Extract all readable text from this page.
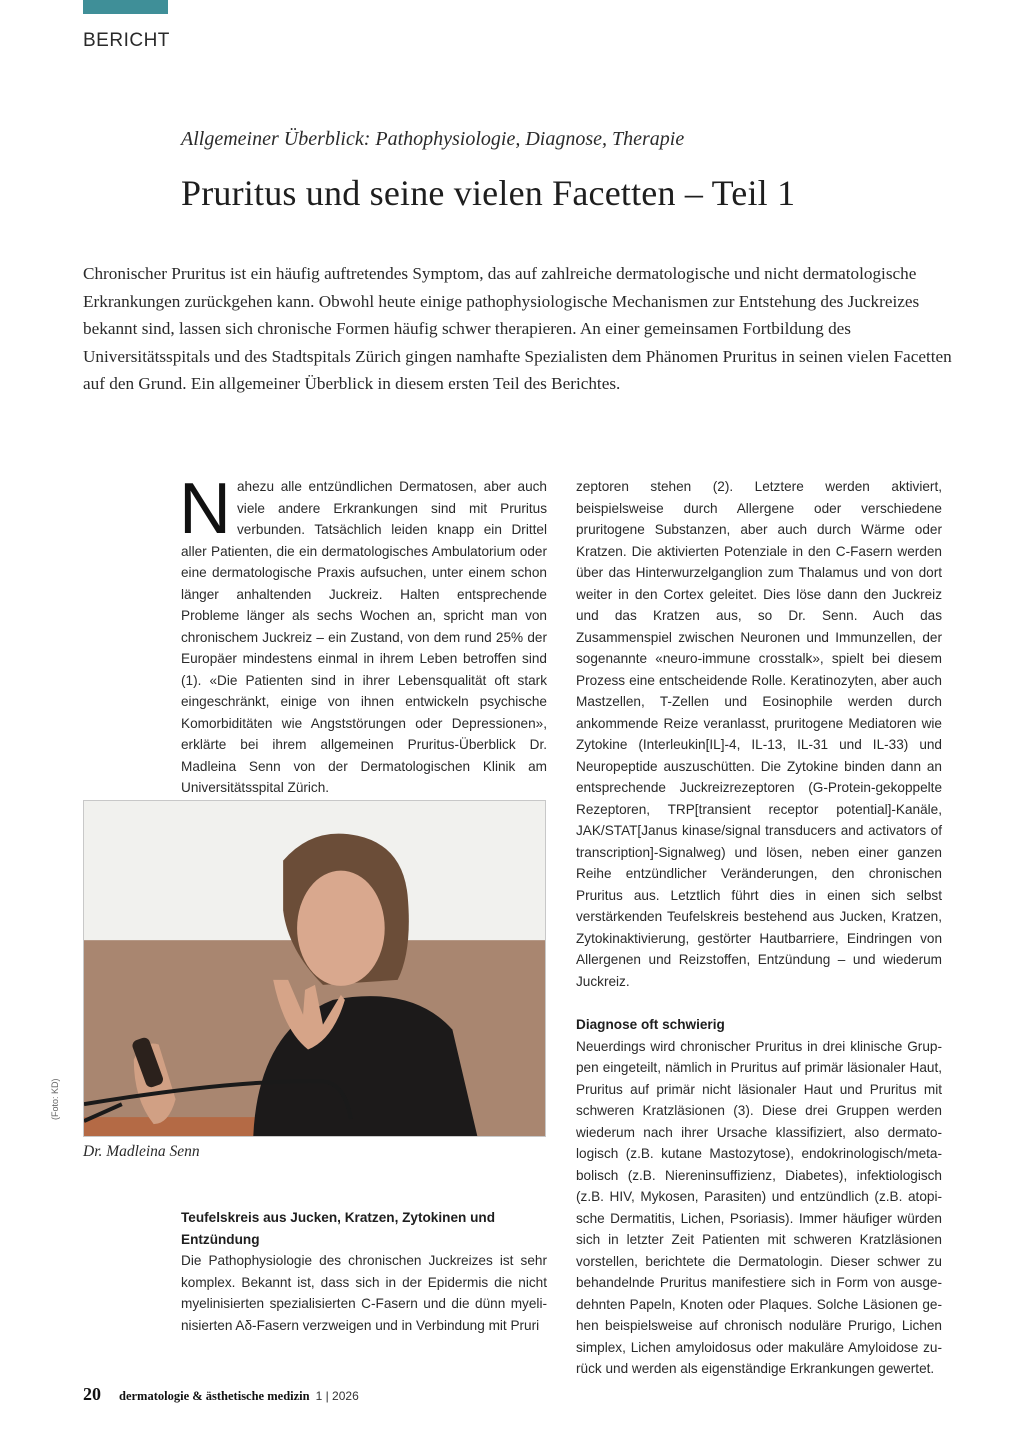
BERICHT
Allgemeiner Überblick: Pathophysiologie, Diagnose, Therapie
Pruritus und seine vielen Facetten – Teil 1

Chronischer Pruritus ist ein häufig auftretendes Symptom, das auf zahlreiche dermatologische und nicht dermatologische Erkrankungen zurückgehen kann. Obwohl heute einige pathophysiologische Mechanismen zur Entstehung des Juckreizes bekannt sind, lassen sich chronische Formen häufig schwer therapieren. An einer gemeinsamen Fortbildung des Universitätsspitals und des Stadtspitals Zürich gingen namhafte Spezialisten dem Phänomen Pruritus in seinen vielen Facetten auf den Grund. Ein allgemeiner Überblick in diesem ersten Teil des Berichtes.

Nahezu alle entzündlichen Dermatosen, aber auch viele andere Erkrankungen sind mit Pruritus verbunden. Tatsächlich leiden knapp ein Drittel aller Patienten, die ein dermatologisches Ambulatorium oder eine dermatologische Praxis aufsuchen, unter einem schon länger anhaltenden Juckreiz. Halten entsprechende Probleme länger als sechs Wochen an, spricht man von chronischem Juckreiz – ein Zustand, von dem rund 25% der Europäer mindestens einmal in ihrem Leben betroffen sind (1). «Die Patienten sind in ihrer Lebensqualität oft stark eingeschränkt, einige von ihnen entwickeln psychische Komorbiditäten wie Angststörungen oder Depressionen», erklärte bei ihrem allgemeinen Pruritus-Überblick Dr. Madleina Senn von der Dermatologischen Klinik am Universitätsspital Zürich.

(Foto: KD)
Dr. Madleina Senn

Teufelskreis aus Jucken, Kratzen, Zytokinen und Entzündung

Die Pathophysiologie des chronischen Juckreizes ist sehr komplex. Bekannt ist, dass sich in der Epidermis die nicht myelinisierten spezialisierten C-Fasern und die dünn myelinisierten Aδ-Fasern verzweigen und in Verbindung mit Pruri

zeptoren stehen (2). Letztere werden aktiviert, beispielsweise durch Allergene oder verschiedene pruritogene Substanzen, aber auch durch Wärme oder Kratzen. Die aktivierten Potenziale in den C-Fasern werden über das Hinterwurzelganglion zum Thalamus und von dort weiter in den Cortex geleitet. Dies löse dann den Juckreiz und das Kratzen aus, so Dr. Senn. Auch das Zusammenspiel zwischen Neuronen und Immunzellen, der sogenannte «neuro-immune crosstalk», spielt bei diesem Prozess eine entscheidende Rolle. Keratinozyten, aber auch Mastzellen, T-Zellen und Eosinophile werden durch ankommende Reize veranlasst, pruritogene Mediatoren wie Zytokine (Interleukin[IL]-4, IL-13, IL-31 und IL-33) und Neuropeptide auszuschütten. Die Zytokine binden dann an entsprechende Juckreizrezeptoren (G-Protein-gekoppelte Rezeptoren, TRP[transient receptor potential]-Kanäle, JAK/STAT[Janus kinase/signal transducers and activators of transcription]-Signalweg) und lösen, neben einer ganzen Reihe entzündlicher Veränderungen, den chronischen Pruritus aus. Letztlich führt dies in einen sich selbst verstärkenden Teufelskreis bestehend aus Jucken, Kratzen, Zytokinaktivierung, gestörter Hautbarriere, Eindringen von Allergenen und Reizstoffen, Entzündung – und wiederum Juckreiz.

Diagnose oft schwierig

Neuerdings wird chronischer Pruritus in drei klinische Gruppen eingeteilt, nämlich in Pruritus auf primär läsionaler Haut, Pruritus auf primär nicht läsionaler Haut und Pruritus mit schweren Kratzläsionen (3). Diese drei Gruppen werden wiederum nach ihrer Ursache klassifiziert, also dermatologisch (z.B. kutane Mastozytose), endokrinologisch/metabolisch (z.B. Niereninsuffizienz, Diabetes), infektiologisch (z.B. HIV, Mykosen, Parasiten) und entzündlich (z.B. atopische Dermatitis, Lichen, Psoriasis). Immer häufiger würden sich in letzter Zeit Patienten mit schweren Kratzläsionen vorstellen, berichtete die Dermatologin. Dieser schwer zu behandelnde Pruritus manifestiere sich in Form von ausgedehnten Papeln, Knoten oder Plaques. Solche Läsionen gehen beispielsweise auf chronisch noduläre Prurigo, Lichen simplex, Lichen amyloidosus oder makuläre Amyloidose zurück und werden als eigenständige Erkrankungen gewertet.

20 dermatologie & ästhetische medizin 1 | 2026
